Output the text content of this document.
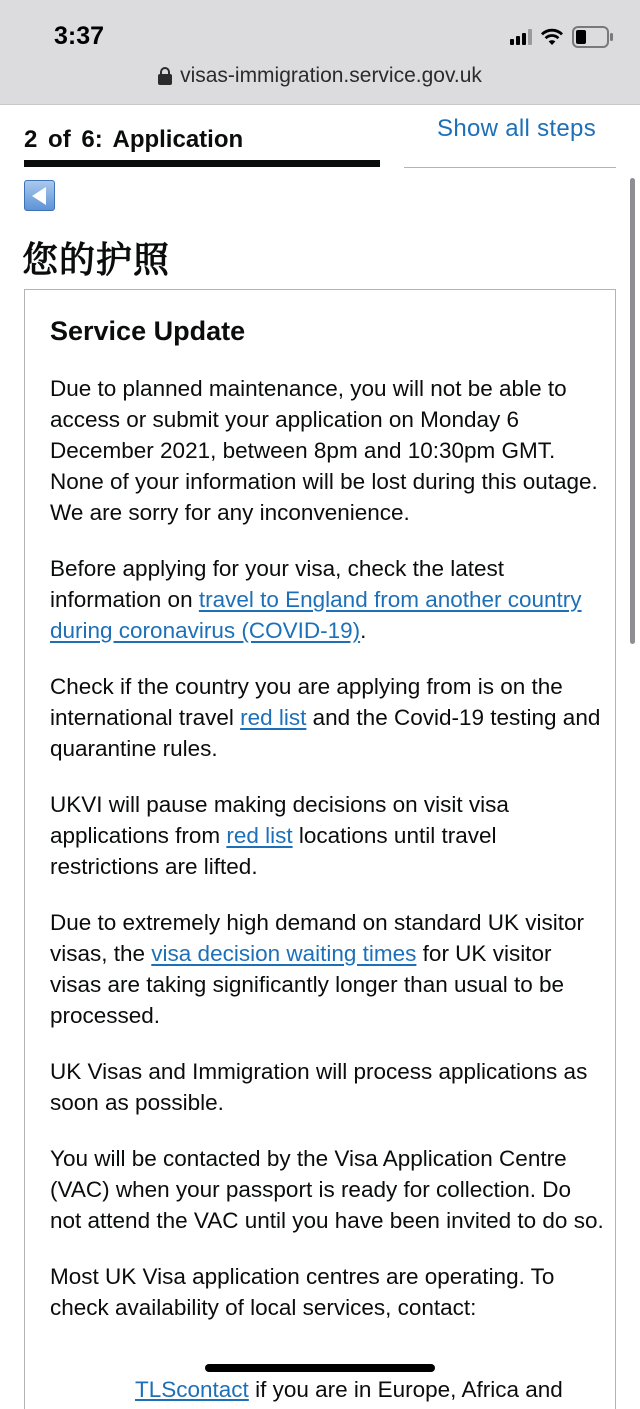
3:37
visas-immigration.service.gov.uk
2 of 6: Application	Show all steps
您的护照
Service Update

Due to planned maintenance, you will not be able to access or submit your application on Monday 6 December 2021, between 8pm and 10:30pm GMT. None of your information will be lost during this outage. We are sorry for any inconvenience.

Before applying for your visa, check the latest information on travel to England from another country during coronavirus (COVID-19).

Check if the country you are applying from is on the international travel red list and the Covid-19 testing and quarantine rules.

UKVI will pause making decisions on visit visa applications from red list locations until travel restrictions are lifted.

Due to extremely high demand on standard UK visitor visas, the visa decision waiting times for UK visitor visas are taking significantly longer than usual to be processed.

UK Visas and Immigration will process applications as soon as possible.

You will be contacted by the Visa Application Centre (VAC) when your passport is ready for collection. Do not attend the VAC until you have been invited to do so.

Most UK Visa application centres are operating. To check availability of local services, contact:

TLScontact if you are in Europe, Africa and
